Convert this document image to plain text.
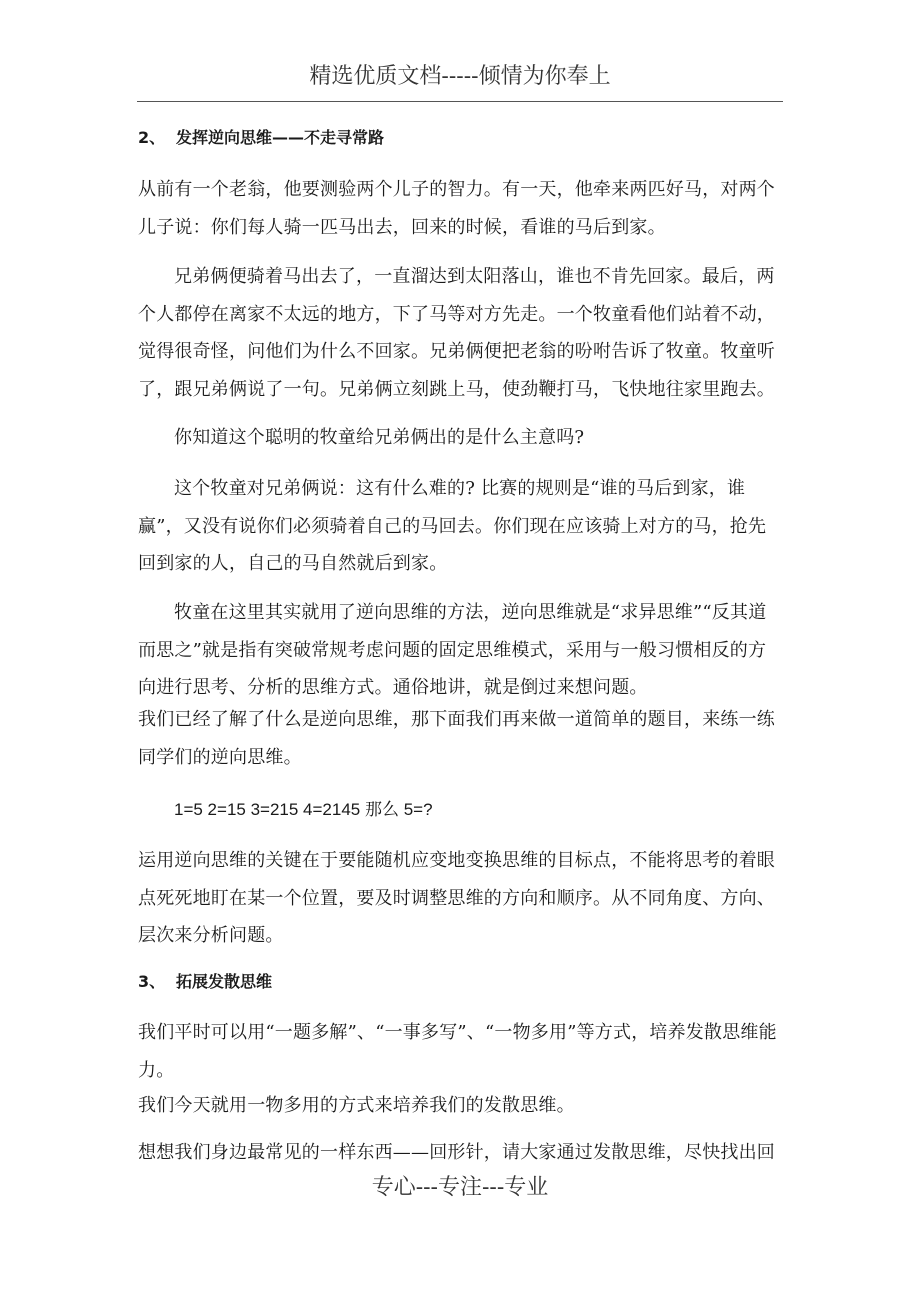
精选优质文档-----倾情为你奉上
2、 发挥逆向思维——不走寻常路
从前有一个老翁，他要测验两个儿子的智力。有一天，他牵来两匹好马，对两个儿子说：你们每人骑一匹马出去，回来的时候，看谁的马后到家。
兄弟俩便骑着马出去了，一直溜达到太阳落山，谁也不肯先回家。最后，两个人都停在离家不太远的地方，下了马等对方先走。一个牧童看他们站着不动，觉得很奇怪，问他们为什么不回家。兄弟俩便把老翁的吩咐告诉了牧童。牧童听了，跟兄弟俩说了一句。兄弟俩立刻跳上马，使劲鞭打马，飞快地往家里跑去。
你知道这个聪明的牧童给兄弟俩出的是什么主意吗?
这个牧童对兄弟俩说：这有什么难的? 比赛的规则是“谁的马后到家，谁赢”，又没有说你们必须骑着自己的马回去。你们现在应该骑上对方的马，抢先回到家的人，自己的马自然就后到家。
牧童在这里其实就用了逆向思维的方法，逆向思维就是“求异思维”“反其道而思之”就是指有突破常规考虑问题的固定思维模式，采用与一般习惯相反的方向进行思考、分析的思维方式。通俗地讲，就是倒过来想问题。
我们已经了解了什么是逆向思维，那下面我们再来做一道简单的题目，来练一练同学们的逆向思维。
1=5 2=15 3=215 4=2145 那么 5=?
运用逆向思维的关键在于要能随机应变地变换思维的目标点，不能将思考的着眼点死死地盯在某一个位置，要及时调整思维的方向和顺序。从不同角度、方向、层次来分析问题。
3、 拓展发散思维
我们平时可以用“一题多解”、“一事多写”、“一物多用”等方式，培养发散思维能力。
我们今天就用一物多用的方式来培养我们的发散思维。
想想我们身边最常见的一样东西——回形针，请大家通过发散思维，尽快找出回
专心---专注---专业
